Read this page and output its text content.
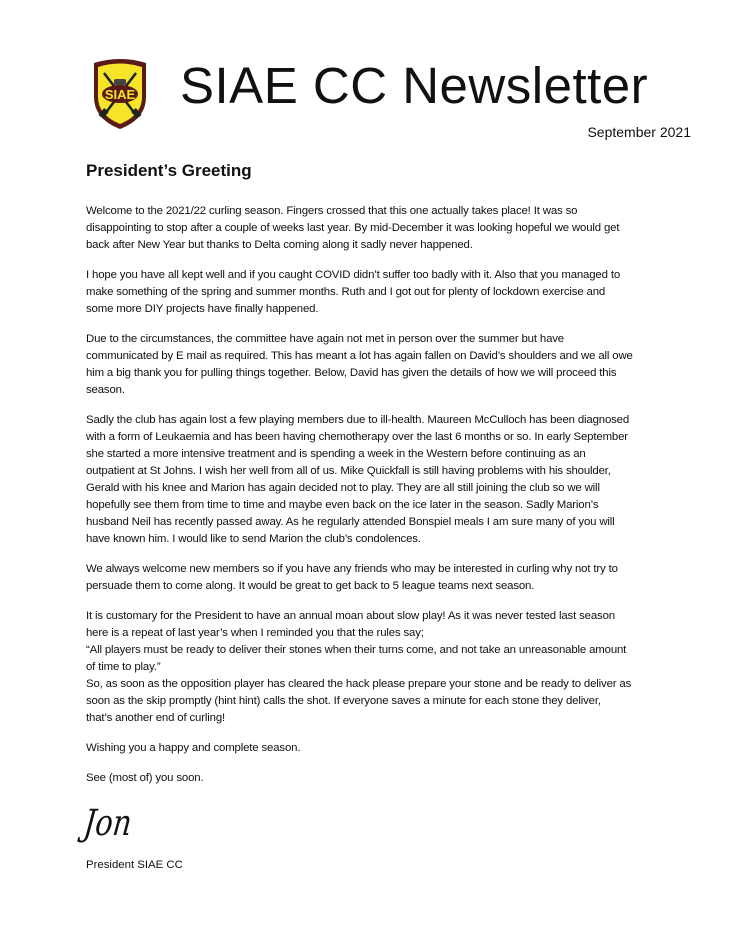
SIAE SIAE CC Newsletter
September 2021
President’s Greeting
Welcome to the 2021/22 curling season. Fingers crossed that this one actually takes place! It was so
disappointing to stop after a couple of weeks last year. By mid-December it was looking hopeful we would get
back after New Year but thanks to Delta coming along it sadly never happened.
I hope you have all kept well and if you caught COVID didn’t suffer too badly with it. Also that you managed to
make something of the spring and summer months. Ruth and I got out for plenty of lockdown exercise and
some more DIY projects have finally happened.
Due to the circumstances, the committee have again not met in person over the summer but have
communicated by E mail as required. This has meant a lot has again fallen on David’s shoulders and we all owe
him a big thank you for pulling things together. Below, David has given the details of how we will proceed this
season.
Sadly the club has again lost a few playing members due to ill-health. Maureen McCulloch has been diagnosed
with a form of Leukaemia and has been having chemotherapy over the last 6 months or so. In early September
she started a more intensive treatment and is spending a week in the Western before continuing as an
outpatient at St Johns. I wish her well from all of us. Mike Quickfall is still having problems with his shoulder,
Gerald with his knee and Marion has again decided not to play. They are all still joining the club so we will
hopefully see them from time to time and maybe even back on the ice later in the season. Sadly Marion’s
husband Neil has recently passed away. As he regularly attended Bonspiel meals I am sure many of you will
have known him. I would like to send Marion the club’s condolences.
We always welcome new members so if you have any friends who may be interested in curling why not try to
persuade them to come along. It would be great to get back to 5 league teams next season.
It is customary for the President to have an annual moan about slow play! As it was never tested last season
here is a repeat of last year’s when I reminded you that the rules say;
“All players must be ready to deliver their stones when their turns come, and not take an unreasonable amount
of time to play.”
So, as soon as the opposition player has cleared the hack please prepare your stone and be ready to deliver as
soon as the skip promptly (hint hint) calls the shot. If everyone saves a minute for each stone they deliver,
that’s another end of curling!
Wishing you a happy and complete season.
See (most of) you soon.
Jon
President SIAE CC
